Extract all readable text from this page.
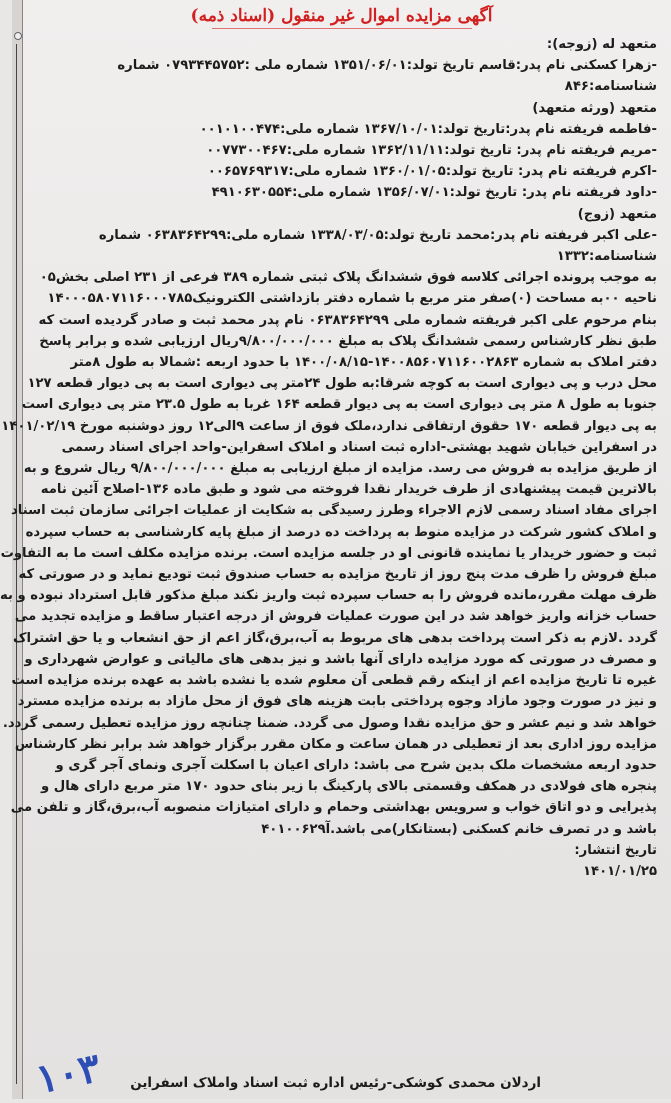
آگهی مزایده اموال غیر منقول (اسناد ذمه)
متعهد له (زوجه):
-زهرا کسکنی نام پدر:قاسم تاریخ تولد:۱۳۵۱/۰۶/۰۱ شماره ملی :۰۷۹۳۴۴۵۷۵۲ شماره
شناسنامه:۸۴۶
متعهد (ورثه متعهد)
-فاطمه فریفته نام پدر:تاریخ تولد:۱۳۶۷/۱۰/۰۱ شماره ملی:۰۰۱۰۱۰۰۴۷۴
-مریم فریفته نام پدر: تاریخ تولد:۱۳۶۲/۱۱/۱۱ شماره ملی:۰۰۷۷۳۰۰۴۶۷
-اکرم فریفته نام پدر: تاریخ تولد:۱۳۶۰/۰۱/۰۵ شماره ملی:۰۰۶۵۷۶۹۳۱۷
-داود فریفته نام پدر: تاریخ تولد:۱۳۵۶/۰۷/۰۱ شماره ملی:۴۹۱۰۶۳۰۵۵۴
متعهد (زوج)
-علی اکبر فریفته نام پدر:محمد تاریخ تولد:۱۳۳۸/۰۳/۰۵ شماره ملی:۰۶۳۸۳۶۴۲۹۹ شماره
شناسنامه:۱۳۳۲
به موجب پرونده اجرائی کلاسه فوق ششدانگ پلاک ثبتی شماره ۳۸۹ فرعی از ۲۳۱ اصلی بخش۰۵
ناحیه ۰۰به مساحت (۰)صفر متر مربع با شماره دفتر بازداشتی الکترونیک۱۴۰۰۰۵۸۰۷۱۱۶۰۰۰۷۸۵
بنام مرحوم علی اکبر فریفته شماره ملی ۰۶۳۸۳۶۴۲۹۹ نام پدر محمد ثبت و صادر گردیده است که
طبق نظر کارشناس رسمی ششدانگ پلاک به مبلغ ۹/۸۰۰/۰۰۰/۰۰۰ریال ارزیابی شده و برابر پاسخ
دفتر املاک به شماره ۱۴۰۰۸۵۶۰۷۱۱۶۰۰۲۸۶۳-۱۴۰۰/۰۸/۱۵ با حدود اربعه :شمالا به طول ۸متر
محل درب و پی دیواری است به کوچه شرقا:به طول ۲۴متر پی دیواری است به پی دیوار قطعه ۱۲۷
جنوبا به طول ۸ متر پی دیواری است به پی دیوار قطعه ۱۶۴ غربا به طول ۲۳.۵ متر پی دیواری است
به پی دیوار قطعه ۱۷۰ حقوق ارتفاقی ندارد،ملک فوق از ساعت ۹الی۱۲ روز دوشنبه مورخ ۱۴۰۱/۰۲/۱۹
در اسفراین خیابان شهید بهشتی-اداره ثبت اسناد و املاک اسفراین-واحد اجرای اسناد رسمی
از طریق مزایده به فروش می رسد. مزایده از مبلغ ارزیابی به مبلغ ۹/۸۰۰/۰۰۰/۰۰۰ ریال شروع و به
بالاترین قیمت پیشنهادی از طرف خریدار نقدا فروخته می شود و طبق ماده ۱۳۶-اصلاح آئین نامه
اجرای مفاد اسناد رسمی لازم الاجراء وطرز رسیدگی به شکایت از عملیات اجرائی سازمان ثبت اسناد
و املاک کشور شرکت در مزایده منوط به پرداخت ده درصد از مبلغ پایه کارشناسی به حساب سپرده
ثبت و حضور خریدار یا نماینده قانونی او در جلسه مزایده است. برنده مزایده مکلف است ما به التفاوت
مبلغ فروش را ظرف مدت پنج روز از تاریخ مزایده به حساب صندوق ثبت تودیع نماید و در صورتی که
ظرف مهلت مقرر،مانده فروش را به حساب سپرده ثبت واریز نکند مبلغ مذکور قابل استرداد نبوده و به
حساب خزانه واریز خواهد شد در این صورت عملیات فروش از درجه اعتبار ساقط و مزایده تجدید می
گردد .لازم به ذکر است پرداخت بدهی های مربوط به آب،برق،گاز اعم از حق انشعاب و یا حق اشتراک
و مصرف در صورتی که مورد مزایده دارای آنها باشد و نیز بدهی های مالیاتی و عوارض شهرداری و
غیره تا تاریخ مزایده اعم از اینکه رقم قطعی آن معلوم شده یا نشده باشد به عهده برنده مزایده است
و نیز در صورت وجود مازاد وجوه پرداختی بابت هزینه های فوق از محل مازاد به برنده مزایده مسترد
خواهد شد و نیم عشر و حق مزایده نقدا وصول می گردد. ضمنا چنانچه روز مزایده تعطیل رسمی گردد.
مزایده روز اداری بعد از تعطیلی در همان ساعت و مکان مقرر برگزار خواهد شد برابر نظر کارشناس
حدود اربعه مشخصات ملک بدین شرح می باشد: دارای اعیان با اسکلت آجری ونمای آجر گری و
پنجره های فولادی در همکف وقسمتی بالای پارکینگ با زیر بنای حدود ۱۷۰ متر مربع دارای هال و
پذیرایی و دو اتاق خواب و سرویس بهداشتی وحمام و دارای امتیازات منصوبه آب،برق،گاز و تلفن می
باشد و در تصرف خانم کسکنی (بستانکار)می باشد.آ۴۰۱۰۰۶۲۹
تاریخ انتشار:
۱۴۰۱/۰۱/۲۵
اردلان محمدی کوشکی-رئیس اداره ثبت اسناد واملاک اسفراین
۱۰۳
